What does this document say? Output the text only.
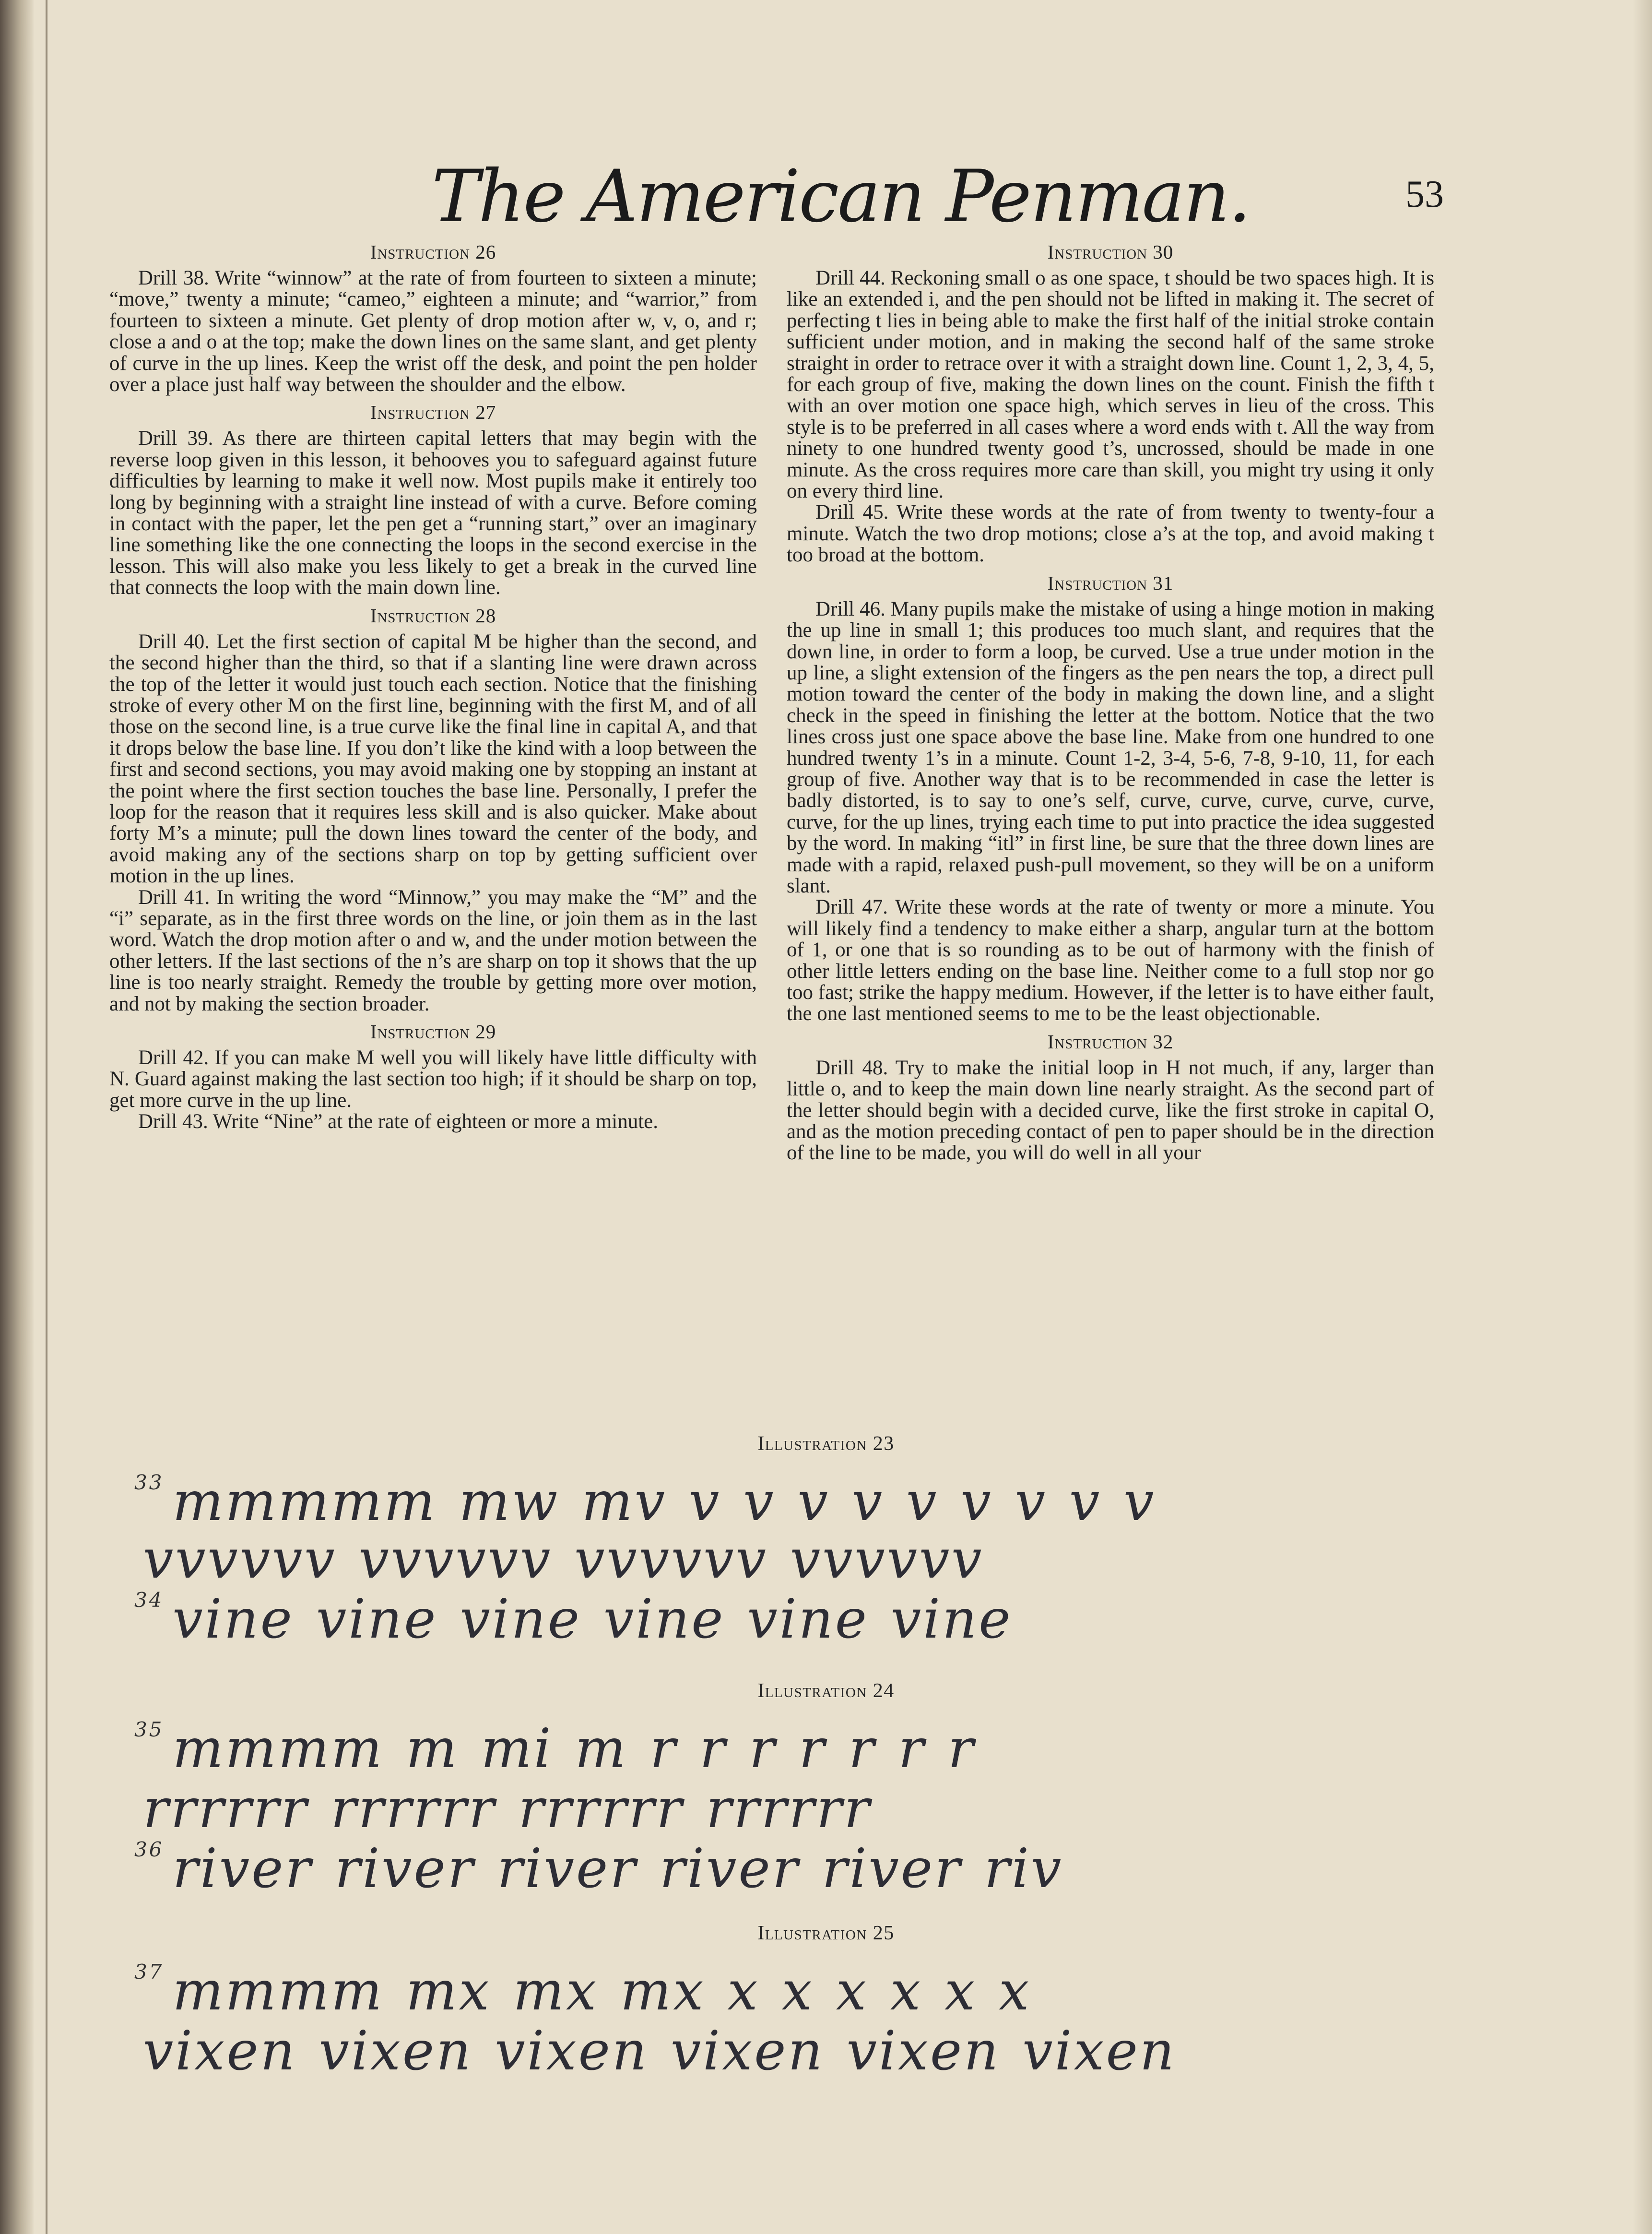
The American Penman.	53
Instruction 26

Drill 38. Write “winnow” at the rate of from fourteen to sixteen a minute; “move,” twenty a minute; “cameo,” eighteen a minute; and “warrior,” from fourteen to sixteen a minute. Get plenty of drop motion after w, v, o, and r; close a and o at the top; make the down lines on the same slant, and get plenty of curve in the up lines. Keep the wrist off the desk, and point the pen holder over a place just half way between the shoulder and the elbow.

Instruction 27

Drill 39. As there are thirteen capital letters that may begin with the reverse loop given in this lesson, it behooves you to safeguard against future difficulties by learning to make it well now. Most pupils make it entirely too long by beginning with a straight line instead of with a curve. Before coming in contact with the paper, let the pen get a “running start,” over an imaginary line something like the one connecting the loops in the second exercise in the lesson. This will also make you less likely to get a break in the curved line that connects the loop with the main down line.

Instruction 28

Drill 40. Let the first section of capital M be higher than the second, and the second higher than the third, so that if a slanting line were drawn across the top of the letter it would just touch each section. Notice that the finishing stroke of every other M on the first line, beginning with the first M, and of all those on the second line, is a true curve like the final line in capital A, and that it drops below the base line. If you don’t like the kind with a loop between the first and second sections, you may avoid making one by stopping an instant at the point where the first section touches the base line. Personally, I prefer the loop for the reason that it requires less skill and is also quicker. Make about forty M’s a minute; pull the down lines toward the center of the body, and avoid making any of the sections sharp on top by getting sufficient over motion in the up lines.

Drill 41. In writing the word “Minnow,” you may make the “M” and the “i” separate, as in the first three words on the line, or join them as in the last word. Watch the drop motion after o and w, and the under motion between the other letters. If the last sections of the n’s are sharp on top it shows that the up line is too nearly straight. Remedy the trouble by getting more over motion, and not by making the section broader.

Instruction 29

Drill 42. If you can make M well you will likely have little difficulty with N. Guard against making the last section too high; if it should be sharp on top, get more curve in the up line.

Drill 43. Write “Nine” at the rate of eighteen or more a minute.

Instruction 30

Drill 44. Reckoning small o as one space, t should be two spaces high. It is like an extended i, and the pen should not be lifted in making it. The secret of perfecting t lies in being able to make the first half of the initial stroke contain sufficient under motion, and in making the second half of the same stroke straight in order to retrace over it with a straight down line. Count 1, 2, 3, 4, 5, for each group of five, making the down lines on the count. Finish the fifth t with an over motion one space high, which serves in lieu of the cross. This style is to be preferred in all cases where a word ends with t. All the way from ninety to one hundred twenty good t’s, uncrossed, should be made in one minute. As the cross requires more care than skill, you might try using it only on every third line.

Drill 45. Write these words at the rate of from twenty to twenty-four a minute. Watch the two drop motions; close a’s at the top, and avoid making t too broad at the bottom.

Instruction 31

Drill 46. Many pupils make the mistake of using a hinge motion in making the up line in small 1; this produces too much slant, and requires that the down line, in order to form a loop, be curved. Use a true under motion in the up line, a slight extension of the fingers as the pen nears the top, a direct pull motion toward the center of the body in making the down line, and a slight check in the speed in finishing the letter at the bottom. Notice that the two lines cross just one space above the base line. Make from one hundred to one hundred twenty 1’s in a minute. Count 1-2, 3-4, 5-6, 7-8, 9-10, 11, for each group of five. Another way that is to be recommended in case the letter is badly distorted, is to say to one’s self, curve, curve, curve, curve, curve, curve, for the up lines, trying each time to put into practice the idea suggested by the word. In making “itl” in first line, be sure that the three down lines are made with a rapid, relaxed push-pull movement, so they will be on a uniform slant.

Drill 47. Write these words at the rate of twenty or more a minute. You will likely find a tendency to make either a sharp, angular turn at the bottom of 1, or one that is so rounding as to be out of harmony with the finish of other little letters ending on the base line. Neither come to a full stop nor go too fast; strike the happy medium. However, if the letter is to have either fault, the one last mentioned seems to me to be the least objectionable.

Instruction 32

Drill 48. Try to make the initial loop in H not much, if any, larger than little o, and to keep the main down line nearly straight. As the second part of the letter should begin with a decided curve, like the first stroke in capital O, and as the motion preceding contact of pen to paper should be in the direction of the line to be made, you will do well in all your

Illustration 23
$^{33}$ mmmmm mw mv v v v v v v v v v
vvvvvv vvvvvv vvvvvv vvvvvv
$^{34}$ vine vine vine vine vine vine
Illustration 24
$^{35}$ mmmm m mi m r r r r r r r
rrrrrr rrrrrr rrrrrr rrrrrr
$^{36}$ river river river river river riv
Illustration 25
$^{37}$ mmmm mx mx mx x x x x x x
vixen vixen vixen vixen vixen vixen
